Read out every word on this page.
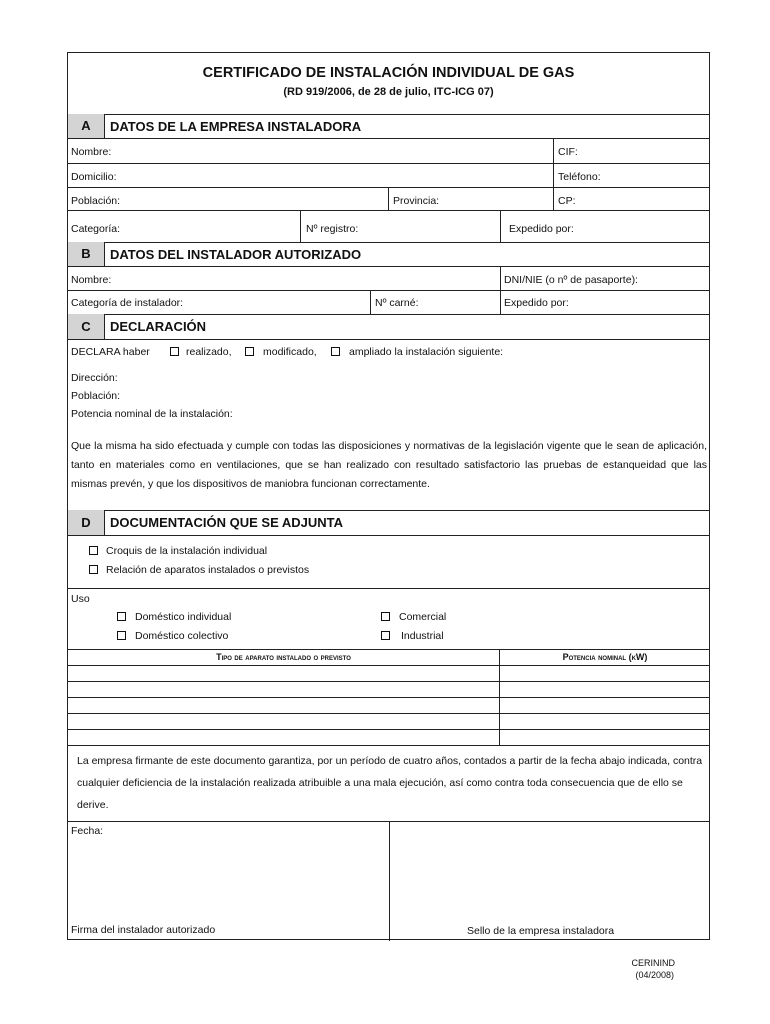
CERTIFICADO DE INSTALACIÓN INDIVIDUAL DE GAS
(RD 919/2006, de 28 de julio, ITC-ICG 07)
A	DATOS DE LA EMPRESA INSTALADORA
Nombre:	CIF:
Domicilio:	Teléfono:
Población:	Provincia:	CP:
Categoría:	Nº registro:	Expedido por:
B	DATOS DEL INSTALADOR AUTORIZADO
Nombre:	DNI/NIE (o nº de pasaporte):
Categoría de instalador:	Nº carné:	Expedido por:
C	DECLARACIÓN
DECLARA haber	realizado,	modificado,	ampliado la instalación siguiente:
Dirección:
Población:
Potencia nominal de la instalación:
Que la misma ha sido efectuada y cumple con todas las disposiciones y normativas de la legislación vigente que le sean de aplicación, tanto en materiales como en ventilaciones, que se han realizado con resultado satisfactorio las pruebas de estanqueidad que las mismas prevén, y que los dispositivos de maniobra funcionan correctamente.
D	DOCUMENTACIÓN QUE SE ADJUNTA
Croquis de la instalación individual
Relación de aparatos instalados o previstos
Uso
Doméstico individual
Doméstico colectivo
Comercial
Industrial
Tipo de aparato instalado o previsto	Potencia nominal (kW)
La empresa firmante de este documento garantiza, por un período de cuatro años, contados a partir de la fecha abajo indicada, contra cualquier deficiencia de la instalación realizada atribuible a una mala ejecución, así como contra toda consecuencia que de ello se derive.
Fecha:
Firma del instalador autorizado	Sello de la empresa instaladora
CERININD
(04/2008)
